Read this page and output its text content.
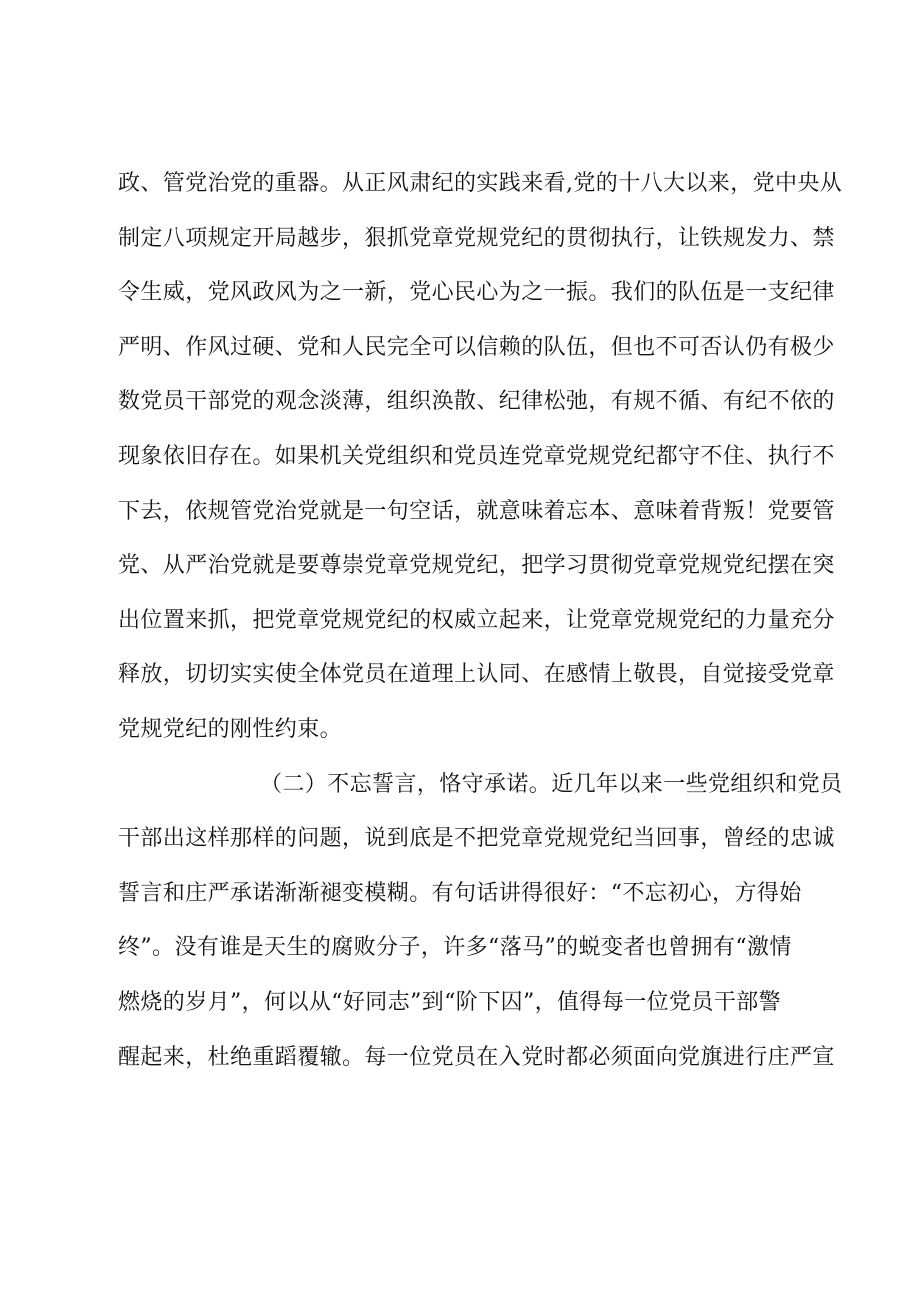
政、管党治党的重器。从正风肃纪的实践来看,党的十八大以来，党中央从
制定八项规定开局越步，狠抓党章党规党纪的贯彻执行，让铁规发力、禁
令生威，党风政风为之一新，党心民心为之一振。我们的队伍是一支纪律
严明、作风过硬、党和人民完全可以信赖的队伍，但也不可否认仍有极少
数党员干部党的观念淡薄，组织涣散、纪律松弛，有规不循、有纪不依的
现象依旧存在。如果机关党组织和党员连党章党规党纪都守不住、执行不
下去，依规管党治党就是一句空话，就意味着忘本、意味着背叛！党要管
党、从严治党就是要尊崇党章党规党纪，把学习贯彻党章党规党纪摆在突
出位置来抓，把党章党规党纪的权威立起来，让党章党规党纪的力量充分
释放，切切实实使全体党员在道理上认同、在感情上敬畏，自觉接受党章
党规党纪的刚性约束。
（二）不忘誓言，恪守承诺。近几年以来一些党组织和党员
干部出这样那样的问题，说到底是不把党章党规党纪当回事，曾经的忠诚
誓言和庄严承诺渐渐褪变模糊。有句话讲得很好：“不忘初心，方得始
终”。没有谁是天生的腐败分子，许多“落马”的蜕变者也曾拥有“激情
燃烧的岁月”，何以从“好同志”到“阶下囚”，值得每一位党员干部警
醒起来，杜绝重蹈覆辙。每一位党员在入党时都必须面向党旗进行庄严宣
